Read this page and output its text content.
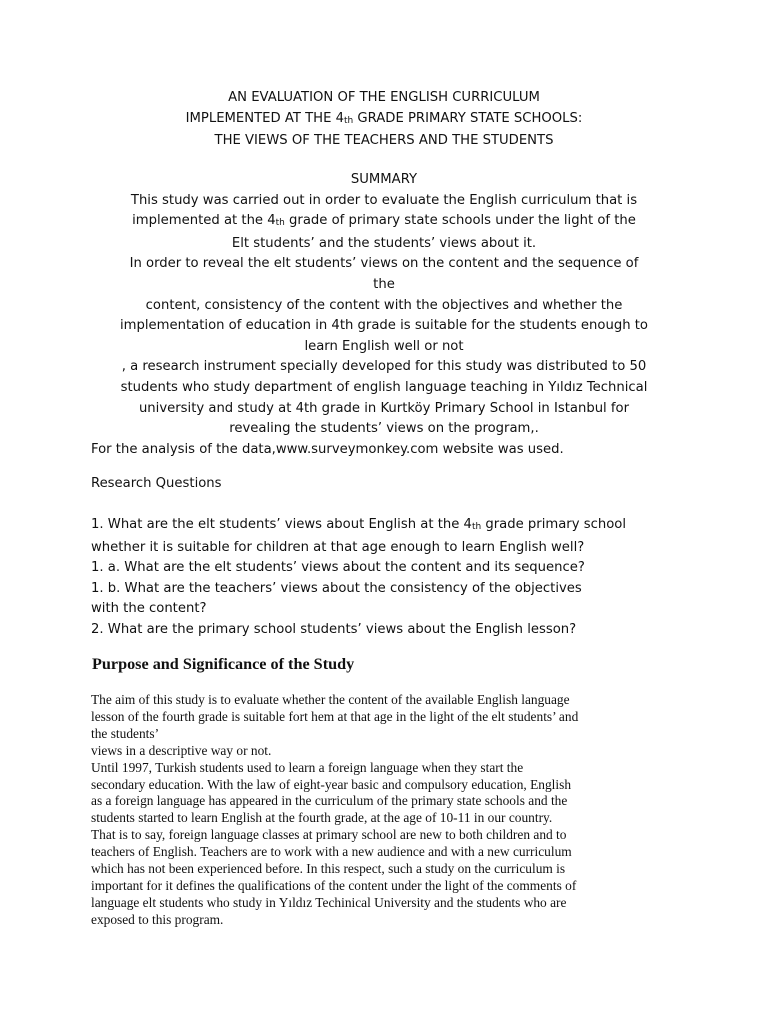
AN EVALUATION OF THE ENGLISH CURRICULUM
IMPLEMENTED AT THE $4_{th}$ GRADE PRIMARY STATE SCHOOLS:
THE VIEWS OF THE TEACHERS AND THE STUDENTS
SUMMARY
This study was carried out in order to evaluate the English curriculum that is
implemented at the $4_{th}$ grade of primary state schools under the light of the
Elt students’ and the students’ views about it.
In order to reveal the elt students’ views on the content and the sequence of
the
content, consistency of the content with the objectives and whether the
implementation of education in 4th grade is suitable for the students enough to
learn English well or not
, a research instrument specially developed for this study was distributed to 50
students who study department of english language teaching in Yıldız Technical
university and study at 4th grade in Kurtköy Primary School in Istanbul for
revealing the students’ views on the program,.
For the analysis of the data,www.surveymonkey.com website was used.
Research Questions
1. What are the elt students’ views about English at the $4_{th}$ grade primary school
whether it is suitable for children at that age enough to learn English well?
1. a. What are the elt students’ views about the content and its sequence?
1. b. What are the teachers’ views about the consistency of the objectives
with the content?
2. What are the primary school students’ views about the English lesson?
Purpose and Significance of the Study
The aim of this study is to evaluate whether the content of the available English language
lesson of the fourth grade is suitable fort hem at that age in the light of the elt students’ and
the students’
views in a descriptive way or not.
Until 1997, Turkish students used to learn a foreign language when they start the
secondary education. With the law of eight-year basic and compulsory education, English
as a foreign language has appeared in the curriculum of the primary state schools and the
students started to learn English at the fourth grade, at the age of 10-11 in our country.
That is to say, foreign language classes at primary school are new to both children and to
teachers of English. Teachers are to work with a new audience and with a new curriculum
which has not been experienced before. In this respect, such a study on the curriculum is
important for it defines the qualifications of the content under the light of the comments of
language elt students who study in Yıldız Techinical University and the students who are
exposed to this program.
